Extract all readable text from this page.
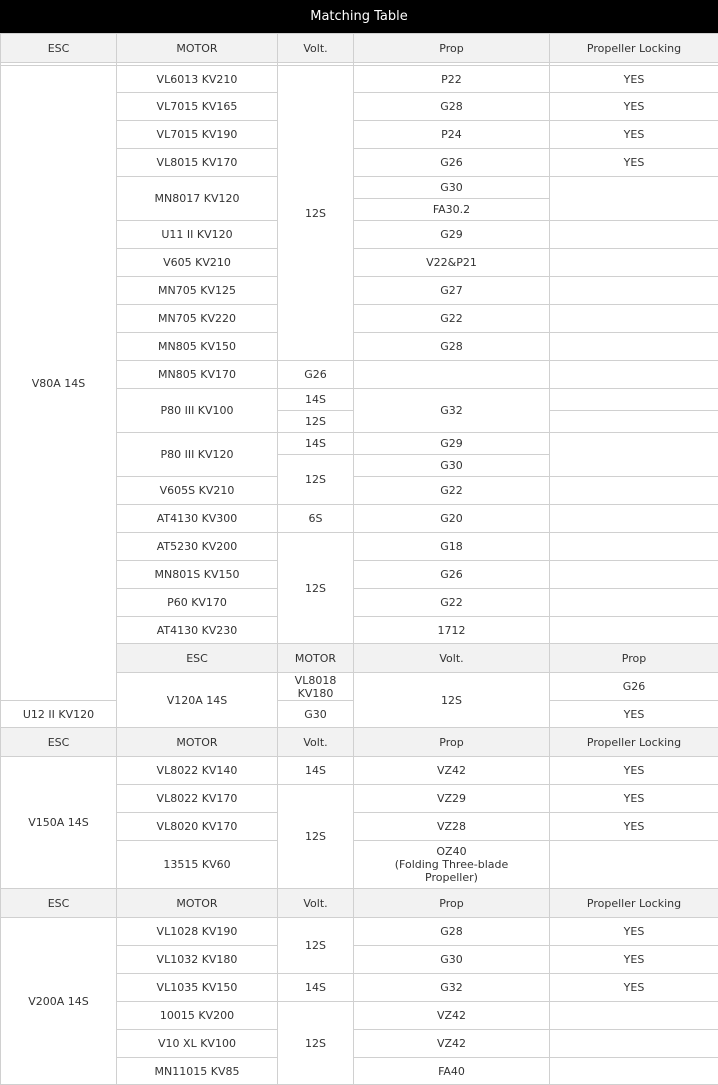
Matching Table
ESC	MOTOR	Volt.	Prop	Propeller Locking	

V80A 14S	VL6013 KV210	12S	P22	YES	
	VL7015 KV165		G28	YES	
	VL7015 KV190		P24	YES	
	VL8015 KV170		G26	YES	
	MN8017 KV120		G30		
			FA30.2		
	U11 II KV120		G29		
	V605 KV210		V22&P21		
	MN705 KV125		G27		
	MN705 KV220		G22		
	MN805 KV150		G28		
	MN805 KV170	G26			
	P80 III KV100	14S	G32		
		12S			
	P80 III KV120	14S	G29		
		12S	G30		
	V605S KV210		G22		
	AT4130 KV300	6S	G20		
	AT5230 KV200	12S	G18		
	MN801S KV150		G26		
	P60 KV170		G22		
	AT4130 KV230		1712		
	ESC	MOTOR	Volt.	Prop	
	V120A 14S	VL8018 KV180	12S	G26	
U12 II KV120		G30		YES	
ESC	MOTOR	Volt.	Prop	Propeller Locking	
V150A 14S	VL8022 KV140	14S	VZ42	YES	
	VL8022 KV170	12S	VZ29	YES	
	VL8020 KV170		VZ28	YES	
	13515 KV60		OZ40
(Folding Three-blade
Propeller)		

ESC	MOTOR	Volt.	Prop	Propeller Locking	
V200A 14S	VL1028 KV190	12S	G28	YES	
	VL1032 KV180		G30	YES	
	VL1035 KV150	14S	G32	YES	
	10015 KV200	12S	VZ42		
	V10 XL KV100		VZ42		
	MN11015 KV85		FA40		
